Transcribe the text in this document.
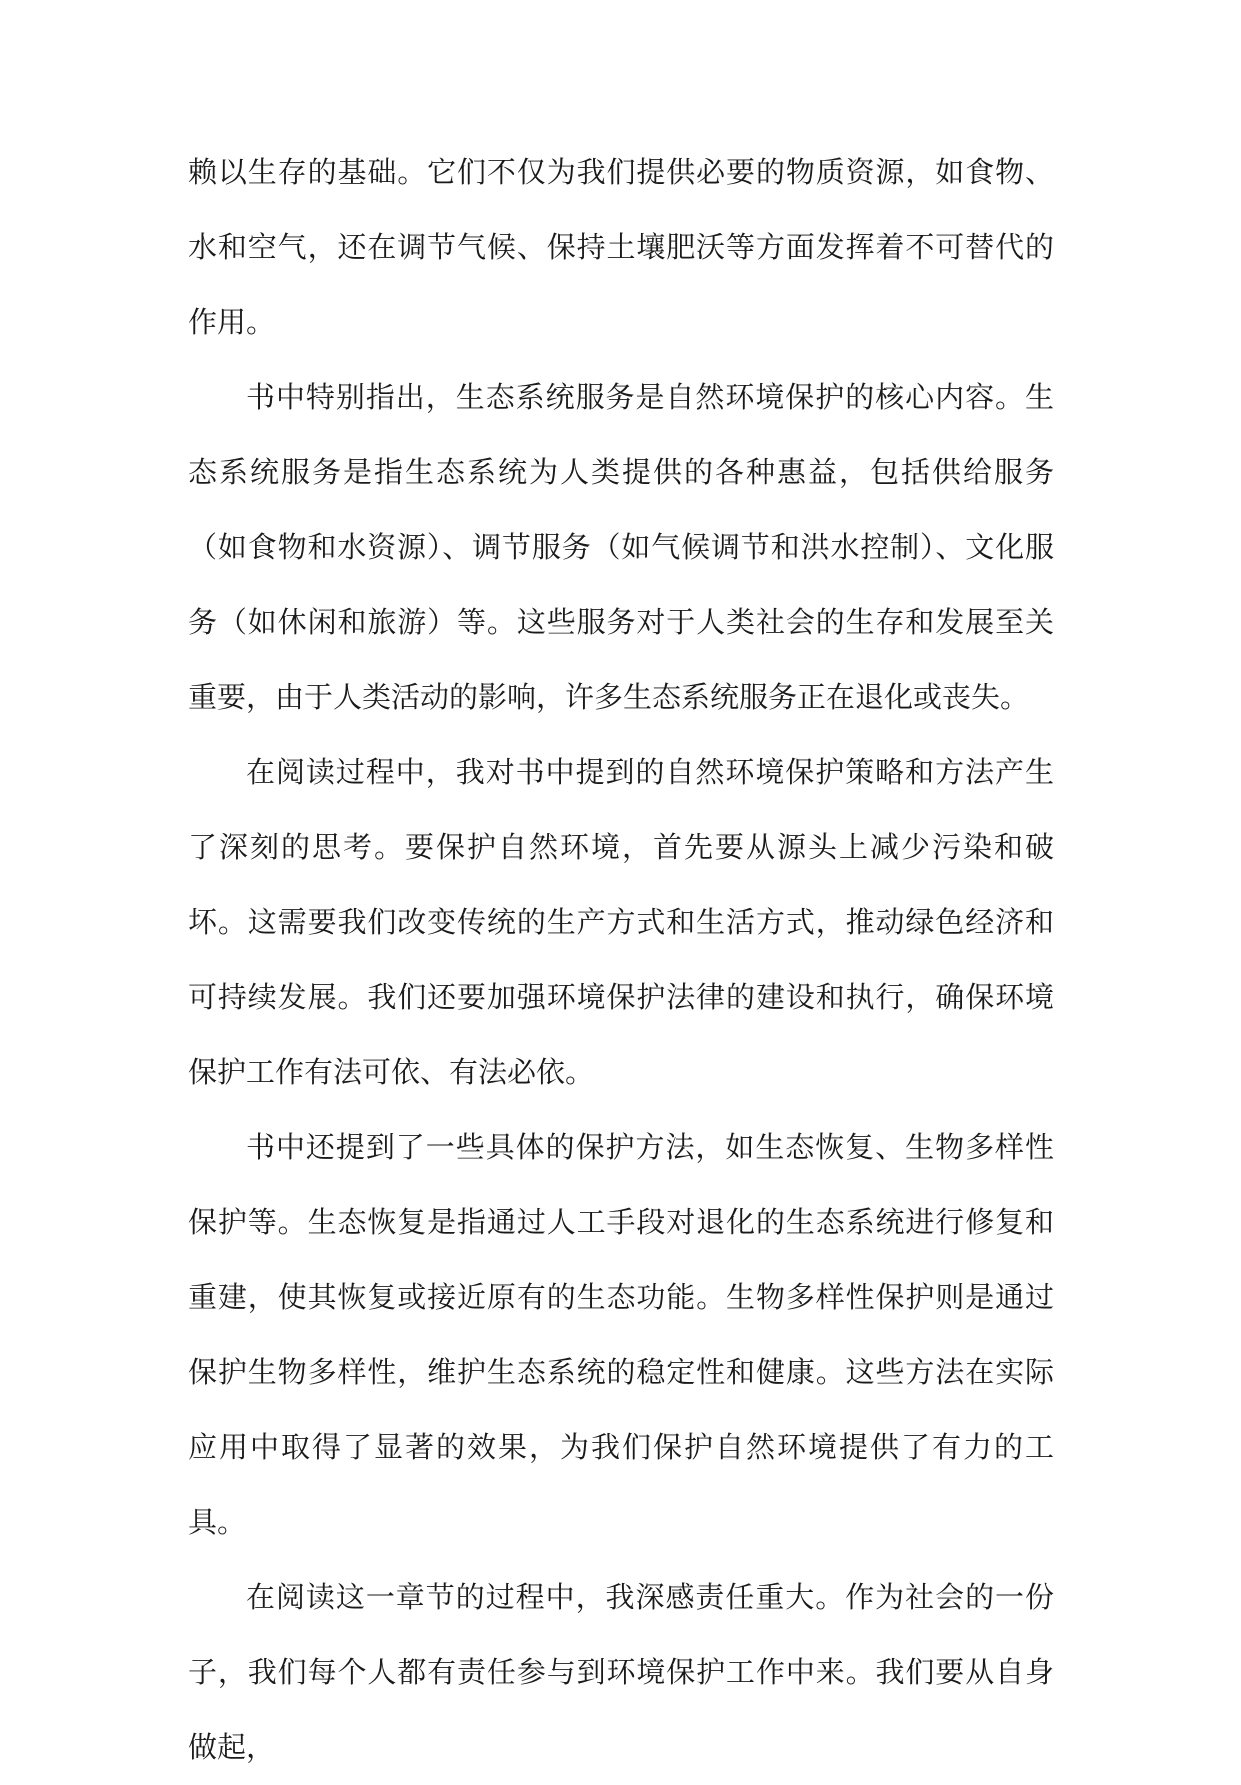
赖以生存的基础。它们不仅为我们提供必要的物质资源，如食物、水和空气，还在调节气候、保持土壤肥沃等方面发挥着不可替代的作用。

书中特别指出，生态系统服务是自然环境保护的核心内容。生态系统服务是指生态系统为人类提供的各种惠益，包括供给服务（如食物和水资源）、调节服务（如气候调节和洪水控制）、文化服务（如休闲和旅游）等。这些服务对于人类社会的生存和发展至关重要，由于人类活动的影响，许多生态系统服务正在退化或丧失。

在阅读过程中，我对书中提到的自然环境保护策略和方法产生了深刻的思考。要保护自然环境，首先要从源头上减少污染和破坏。这需要我们改变传统的生产方式和生活方式，推动绿色经济和可持续发展。我们还要加强环境保护法律的建设和执行，确保环境保护工作有法可依、有法必依。

书中还提到了一些具体的保护方法，如生态恢复、生物多样性保护等。生态恢复是指通过人工手段对退化的生态系统进行修复和重建，使其恢复或接近原有的生态功能。生物多样性保护则是通过保护生物多样性，维护生态系统的稳定性和健康。这些方法在实际应用中取得了显著的效果，为我们保护自然环境提供了有力的工具。

在阅读这一章节的过程中，我深感责任重大。作为社会的一份子，我们每个人都有责任参与到环境保护工作中来。我们要从自身做起，
